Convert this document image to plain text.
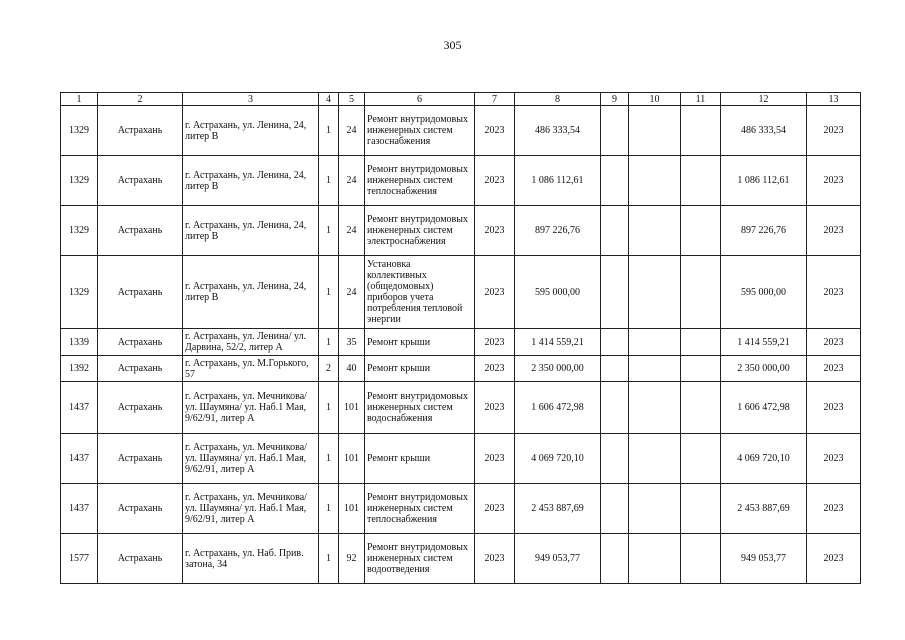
305
1	2	3	4	5	6	7	8	9	10	11	12	13
1329	Астрахань	г. Астрахань, ул. Ленина, 24, литер В	1	24	Ремонт внутридомовых инженерных систем газоснабжения	2023	486 333,54				486 333,54	2023
1329	Астрахань	г. Астрахань, ул. Ленина, 24, литер В	1	24	Ремонт внутридомовых инженерных систем теплоснабжения	2023	1 086 112,61				1 086 112,61	2023
1329	Астрахань	г. Астрахань, ул. Ленина, 24, литер В	1	24	Ремонт внутридомовых инженерных систем электроснабжения	2023	897 226,76				897 226,76	2023
1329	Астрахань	г. Астрахань, ул. Ленина, 24, литер В	1	24	Установка коллективных (общедомовых) приборов учета потребления тепловой энергии	2023	595 000,00				595 000,00	2023
1339	Астрахань	г. Астрахань, ул. Ленина/ ул. Дарвина, 52/2, литер А	1	35	Ремонт крыши	2023	1 414 559,21				1 414 559,21	2023
1392	Астрахань	г. Астрахань, ул. М.Горького, 57	2	40	Ремонт крыши	2023	2 350 000,00				2 350 000,00	2023
1437	Астрахань	г. Астрахань, ул. Мечникова/ ул. Шаумяна/ ул. Наб.1 Мая, 9/62/91, литер А	1	101	Ремонт внутридомовых инженерных систем водоснабжения	2023	1 606 472,98				1 606 472,98	2023
1437	Астрахань	г. Астрахань, ул. Мечникова/ ул. Шаумяна/ ул. Наб.1 Мая, 9/62/91, литер А	1	101	Ремонт крыши	2023	4 069 720,10				4 069 720,10	2023
1437	Астрахань	г. Астрахань, ул. Мечникова/ ул. Шаумяна/ ул. Наб.1 Мая, 9/62/91, литер А	1	101	Ремонт внутридомовых инженерных систем теплоснабжения	2023	2 453 887,69				2 453 887,69	2023
1577	Астрахань	г. Астрахань, ул. Наб. Прив. затона, 34	1	92	Ремонт внутридомовых инженерных систем водоотведения	2023	949 053,77				949 053,77	2023
